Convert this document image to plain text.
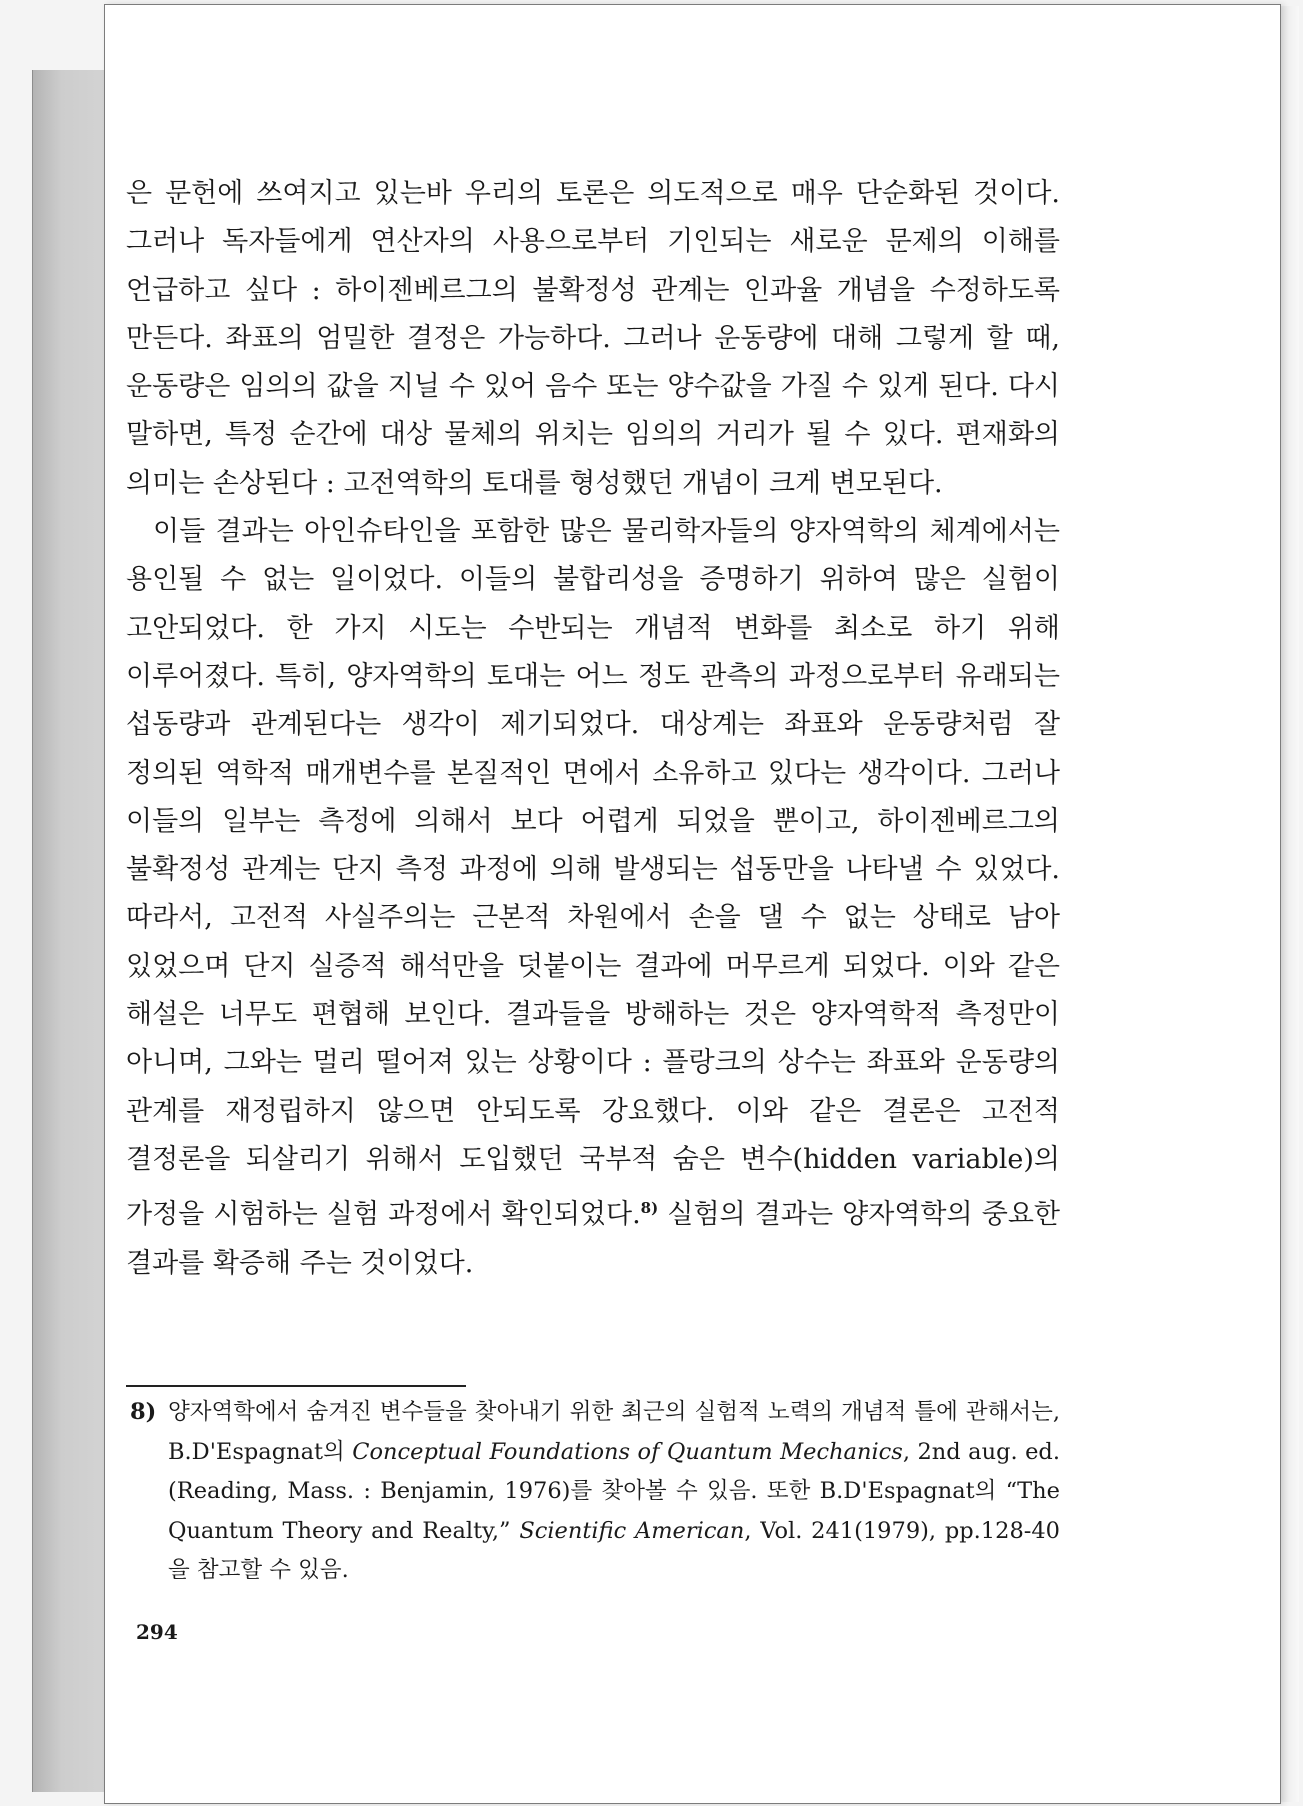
은 문헌에 쓰여지고 있는바 우리의 토론은 의도적으로 매우 단순화된 것이다. 그러나 독자들에게 연산자의 사용으로부터 기인되는 새로운 문제의 이해를 언급하고 싶다 : 하이젠베르그의 불확정성 관계는 인과율 개념을 수정하도록 만든다. 좌표의 엄밀한 결정은 가능하다. 그러나 운동량에 대해 그렇게 할 때, 운동량은 임의의 값을 지닐 수 있어 음수 또는 양수값을 가질 수 있게 된다. 다시 말하면, 특정 순간에 대상 물체의 위치는 임의의 거리가 될 수 있다. 편재화의 의미는 손상된다 : 고전역학의 토대를 형성했던 개념이 크게 변모된다.

이들 결과는 아인슈타인을 포함한 많은 물리학자들의 양자역학의 체계에서는 용인될 수 없는 일이었다. 이들의 불합리성을 증명하기 위하여 많은 실험이 고안되었다. 한 가지 시도는 수반되는 개념적 변화를 최소로 하기 위해 이루어졌다. 특히, 양자역학의 토대는 어느 정도 관측의 과정으로부터 유래되는 섭동량과 관계된다는 생각이 제기되었다. 대상계는 좌표와 운동량처럼 잘 정의된 역학적 매개변수를 본질적인 면에서 소유하고 있다는 생각이다. 그러나 이들의 일부는 측정에 의해서 보다 어렵게 되었을 뿐이고, 하이젠베르그의 불확정성 관계는 단지 측정 과정에 의해 발생되는 섭동만을 나타낼 수 있었다. 따라서, 고전적 사실주의는 근본적 차원에서 손을 댈 수 없는 상태로 남아 있었으며 단지 실증적 해석만을 덧붙이는 결과에 머무르게 되었다. 이와 같은 해설은 너무도 편협해 보인다. 결과들을 방해하는 것은 양자역학적 측정만이 아니며, 그와는 멀리 떨어져 있는 상황이다 : 플랑크의 상수는 좌표와 운동량의 관계를 재정립하지 않으면 안되도록 강요했다. 이와 같은 결론은 고전적 결정론을 되살리기 위해서 도입했던 국부적 숨은 변수(hidden variable)의 가정을 시험하는 실험 과정에서 확인되었다.$^{8)}$ 실험의 결과는 양자역학의 중요한 결과를 확증해 주는 것이었다.

8) 양자역학에서 숨겨진 변수들을 찾아내기 위한 최근의 실험적 노력의 개념적 틀에 관해서는, B.D'Espagnat의 Conceptual Foundations of Quantum Mechanics, 2nd aug. ed. (Reading, Mass. : Benjamin, 1976)를 찾아볼 수 있음. 또한 B.D'Espagnat의 “The Quantum Theory and Realty,” Scientific American, Vol. 241(1979), pp.128-40을 참고할 수 있음.
294
